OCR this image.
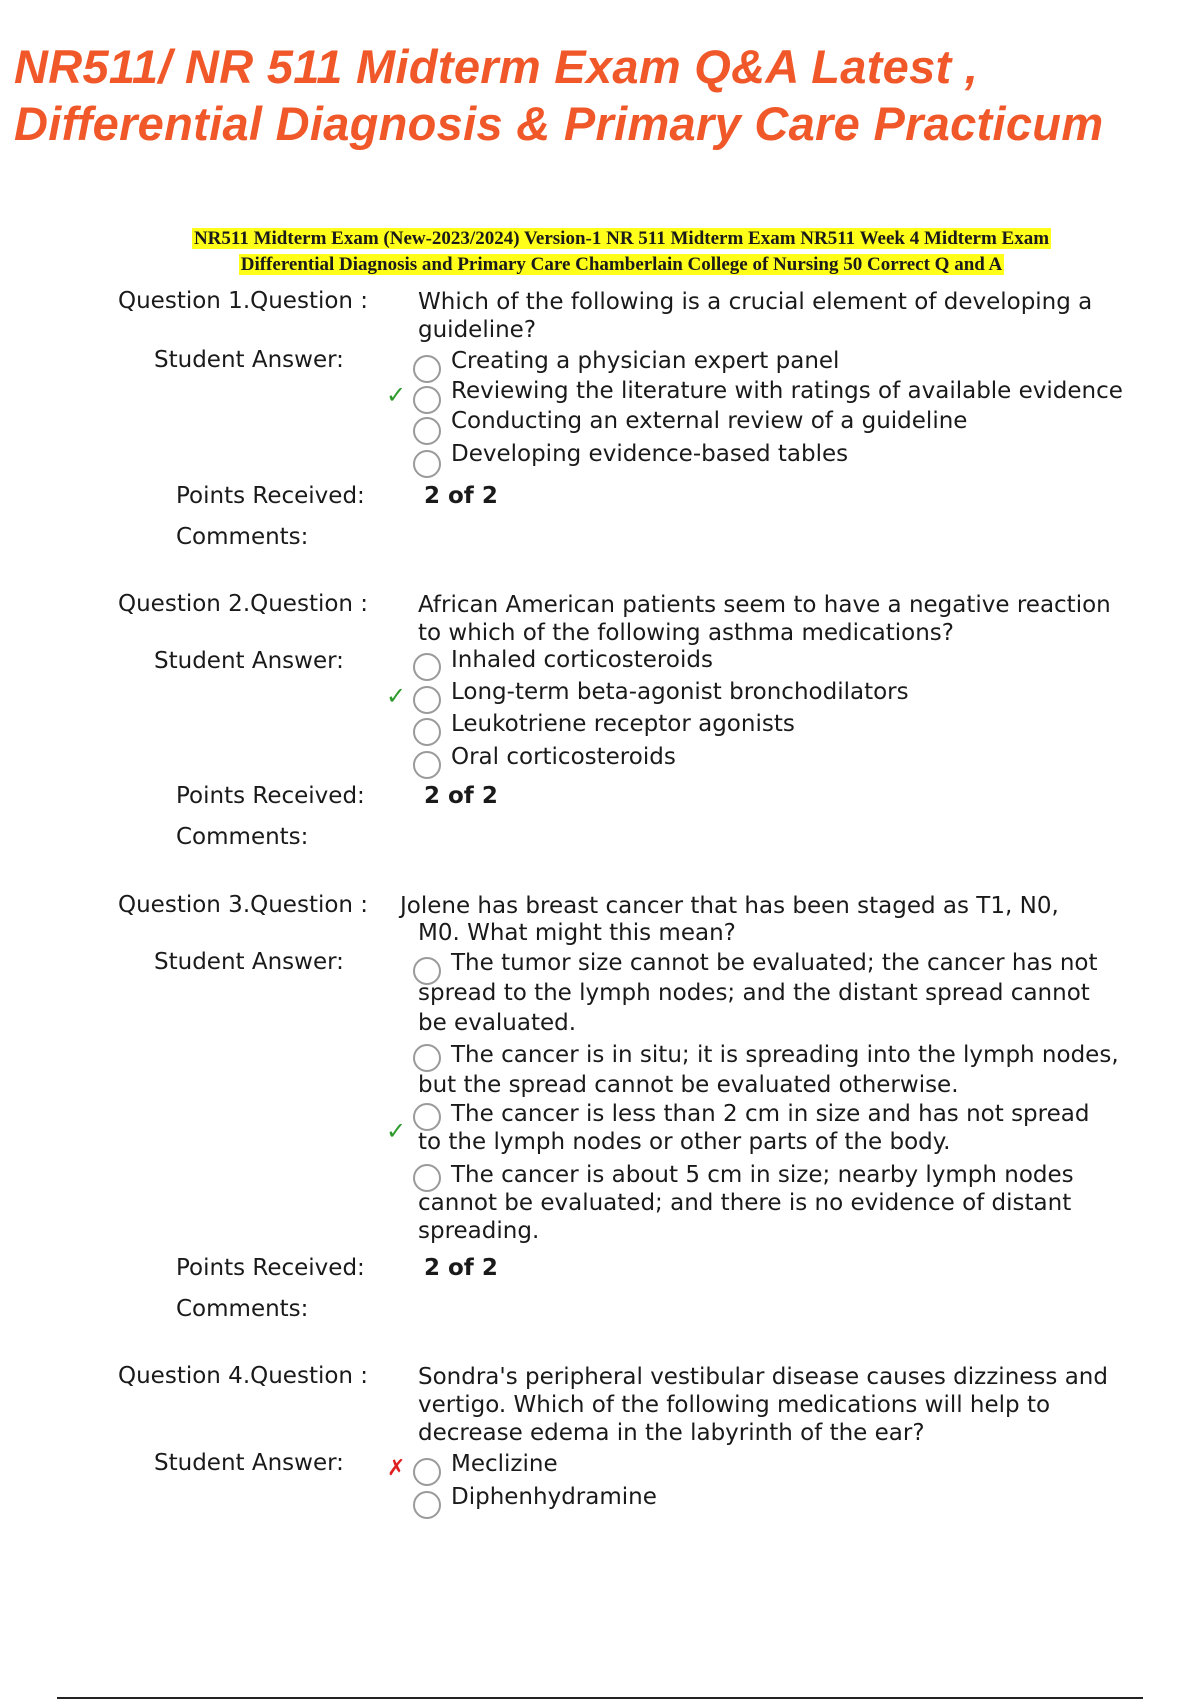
NR511/ NR 511 Midterm Exam Q&A Latest ,
Differential Diagnosis & Primary Care Practicum
NR511 Midterm Exam (New-2023/2024) Version-1 NR 511 Midterm Exam NR511 Week 4 Midterm Exam
Differential Diagnosis and Primary Care Chamberlain College of Nursing 50 Correct Q and A
Question 1.Question : Which of the following is a crucial element of developing a
guideline?
Student Answer:	Creating a physician expert panel
✓ Reviewing the literature with ratings of available evidence
Conducting an external review of a guideline
Developing evidence-based tables
Points Received:	2 of 2
Comments:
Question 2.Question : African American patients seem to have a negative reaction
to which of the following asthma medications?
Student Answer:	Inhaled corticosteroids
✓ Long-term beta-agonist bronchodilators
Leukotriene receptor agonists
Oral corticosteroids
Points Received:	2 of 2
Comments:
Question 3.Question : Jolene has breast cancer that has been staged as T1, N0,
M0. What might this mean?
Student Answer:	The tumor size cannot be evaluated; the cancer has not
spread to the lymph nodes; and the distant spread cannot
be evaluated.
The cancer is in situ; it is spreading into the lymph nodes,
but the spread cannot be evaluated otherwise.
✓
The cancer is less than 2 cm in size and has not spread
to the lymph nodes or other parts of the body.
The cancer is about 5 cm in size; nearby lymph nodes
cannot be evaluated; and there is no evidence of distant
spreading.
Points Received:	2 of 2
Comments:
Question 4.Question : Sondra's peripheral vestibular disease causes dizziness and
vertigo. Which of the following medications will help to
decrease edema in the labyrinth of the ear?
Student Answer: ✗ Meclizine
Diphenhydramine
